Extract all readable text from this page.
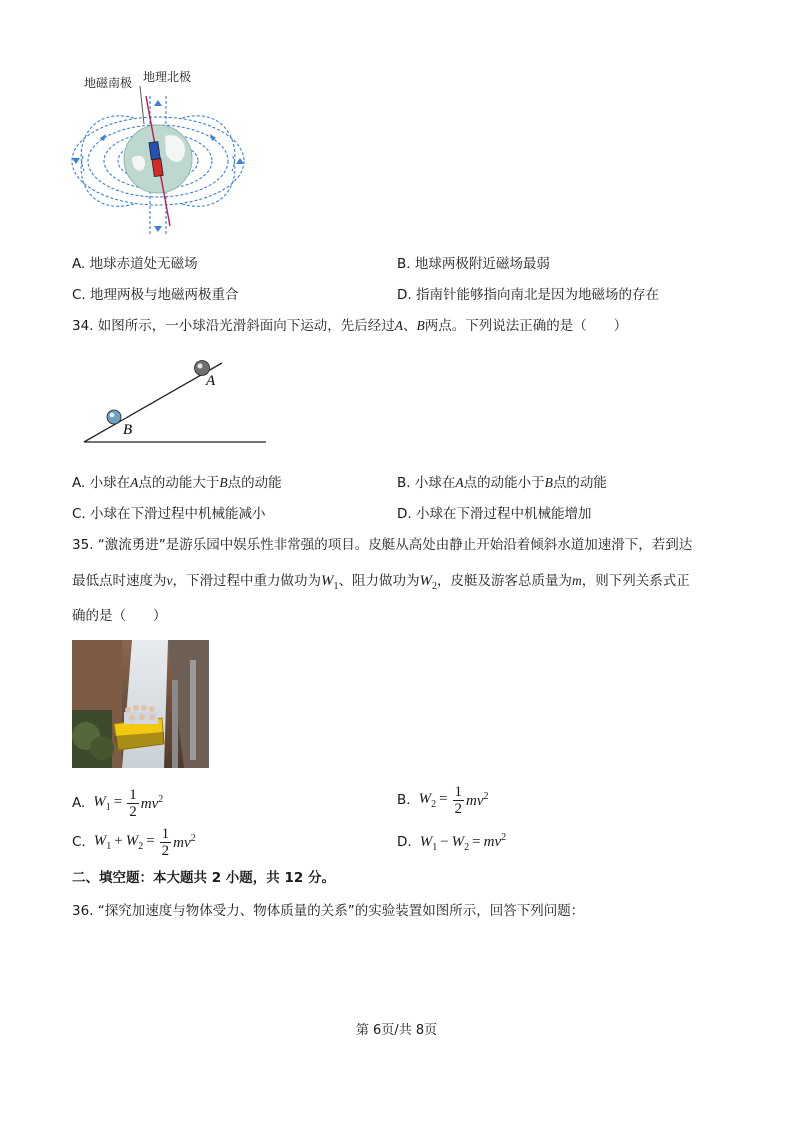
地磁南极 地理北极
A. 地球赤道处无磁场	B. 地球两极附近磁场最弱
C. 地理两极与地磁两极重合	D. 指南针能够指向南北是因为地磁场的存在
34. 如图所示，一小球沿光滑斜面向下运动，先后经过A、B两点。下列说法正确的是（　　）
A
B
A. 小球在A点的动能大于B点的动能	B. 小球在A点的动能小于B点的动能
C. 小球在下滑过程中机械能减小	D. 小球在下滑过程中机械能增加
35. “激流勇进”是游乐园中娱乐性非常强的项目。皮艇从高处由静止开始沿着倾斜水道加速滑下，若到达
最低点时速度为v，下滑过程中重力做功为$W_1$、阻力做功为$W_2$，皮艇及游客总质量为m，则下列关系式正
确的是（　　）
A. $W_1 = \frac{1}{2} mv^2$	B. $W_2 = \frac{1}{2} mv^2$
C. $W_1 + W_2 = \frac{1}{2} mv^2$	D. $W_1 - W_2 = mv^2$
二、填空题：本大题共 2 小题，共 12 分。
36. “探究加速度与物体受力、物体质量的关系”的实验装置如图所示，回答下列问题：
第 6页/共 8页
